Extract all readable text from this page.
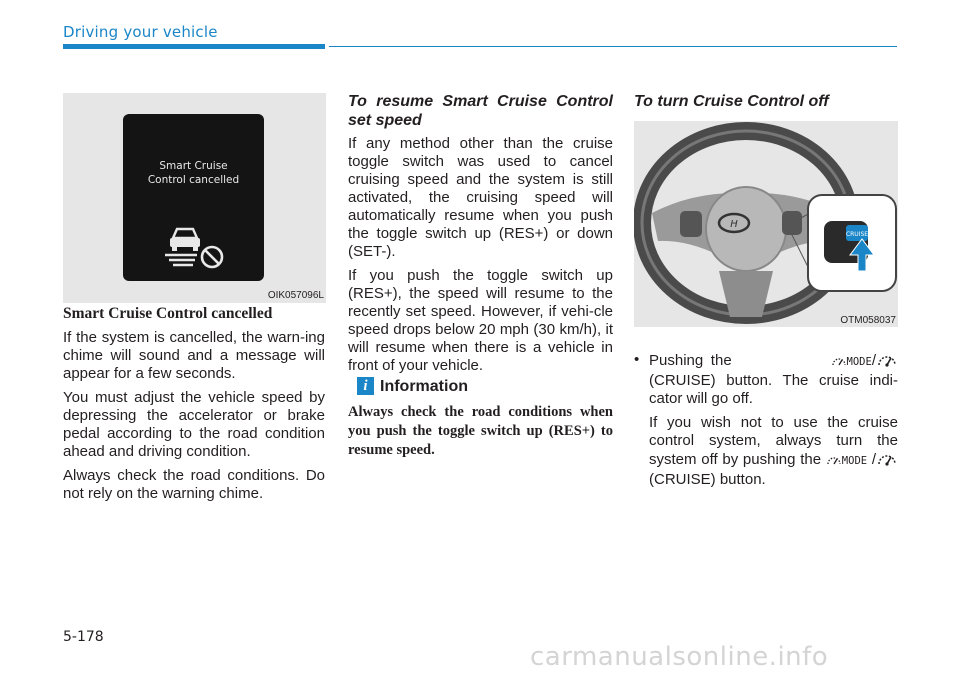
Driving your vehicle
Smart Cruise
Control cancelled
OIK057096L
Smart Cruise Control cancelled

If the system is cancelled, the warn-ing chime will sound and a message will appear for a few seconds.

You must adjust the vehicle speed by depressing the accelerator or brake pedal according to the road condition ahead and driving condition.

Always check the road conditions. Do not rely on the warning chime.

To resume Smart Cruise Control set speed

If any method other than the cruise toggle switch was used to cancel cruising speed and the system is still activated, the cruising speed will automatically resume when you push the toggle switch up (RES+) or down (SET-).

If you push the toggle switch up (RES+), the speed will resume to the recently set speed. However, if vehi-cle speed drops below 20 mph (30 km/h), it will resume when there is a vehicle in front of your vehicle.

i Information
Always check the road conditions when you push the toggle switch up (RES+) to resume speed.
To turn Cruise Control off
H
CRUISE
OTM058037
• Pushing the	MODE/ (CRUISE) button. The cruise indi-cator will go off.
If you wish not to use the cruise control system, always turn the system off by pushing the MODE / (CRUISE) button.
5-178
carmanualsonline.info
